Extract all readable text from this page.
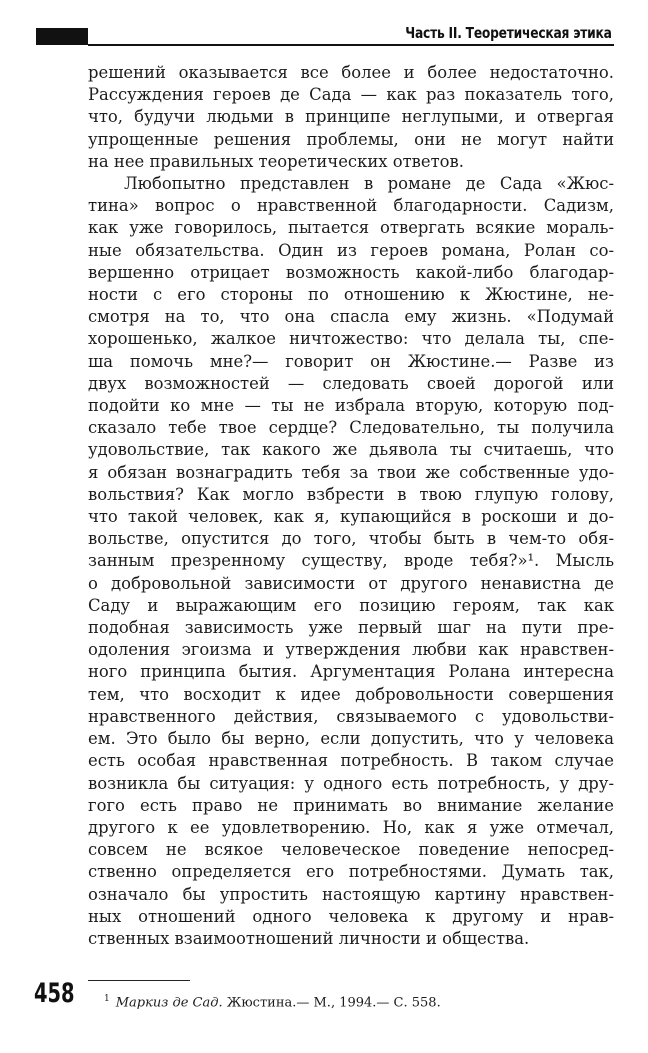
Часть II. Теоретическая этика
решений оказывается все более и более недостаточно.
Рассуждения героев де Сада — как раз показатель того,
что, будучи людьми в принципе неглупыми, и отвергая
упрощенные решения проблемы, они не могут найти
на нее правильных теоретических ответов.
Любопытно представлен в романе де Сада «Жюс-
тина» вопрос о нравственной благодарности. Садизм,
как уже говорилось, пытается отвергать всякие мораль-
ные обязательства. Один из героев романа, Ролан со-
вершенно отрицает возможность какой-либо благодар-
ности с его стороны по отношению к Жюстине, не-
смотря на то, что она спасла ему жизнь. «Подумай
хорошенько, жалкое ничтожество: что делала ты, спе-
ша помочь мне?— говорит он Жюстине.— Разве из
двух возможностей — следовать своей дорогой или
подойти ко мне — ты не избрала вторую, которую под-
сказало тебе твое сердце? Следовательно, ты получила
удовольствие, так какого же дьявола ты считаешь, что
я обязан вознаградить тебя за твои же собственные удо-
вольствия? Как могло взбрести в твою глупую голову,
что такой человек, как я, купающийся в роскоши и до-
вольстве, опустится до того, чтобы быть в чем-то обя-
занным презренному существу, вроде тебя?»¹. Мысль
о добровольной зависимости от другого ненавистна де
Саду и выражающим его позицию героям, так как
подобная зависимость уже первый шаг на пути пре-
одоления эгоизма и утверждения любви как нравствен-
ного принципа бытия. Аргументация Ролана интересна
тем, что восходит к идее добровольности совершения
нравственного действия, связываемого с удовольстви-
ем. Это было бы верно, если допустить, что у человека
есть особая нравственная потребность. В таком случае
возникла бы ситуация: у одного есть потребность, у дру-
гого есть право не принимать во внимание желание
другого к ее удовлетворению. Но, как я уже отмечал,
совсем не всякое человеческое поведение непосред-
ственно определяется его потребностями. Думать так,
означало бы упростить настоящую картину нравствен-
ных отношений одного человека к другому и нрав-
ственных взаимоотношений личности и общества.
458	$^1$ Маркиз де Сад. Жюстина.— М., 1994.— С. 558.
